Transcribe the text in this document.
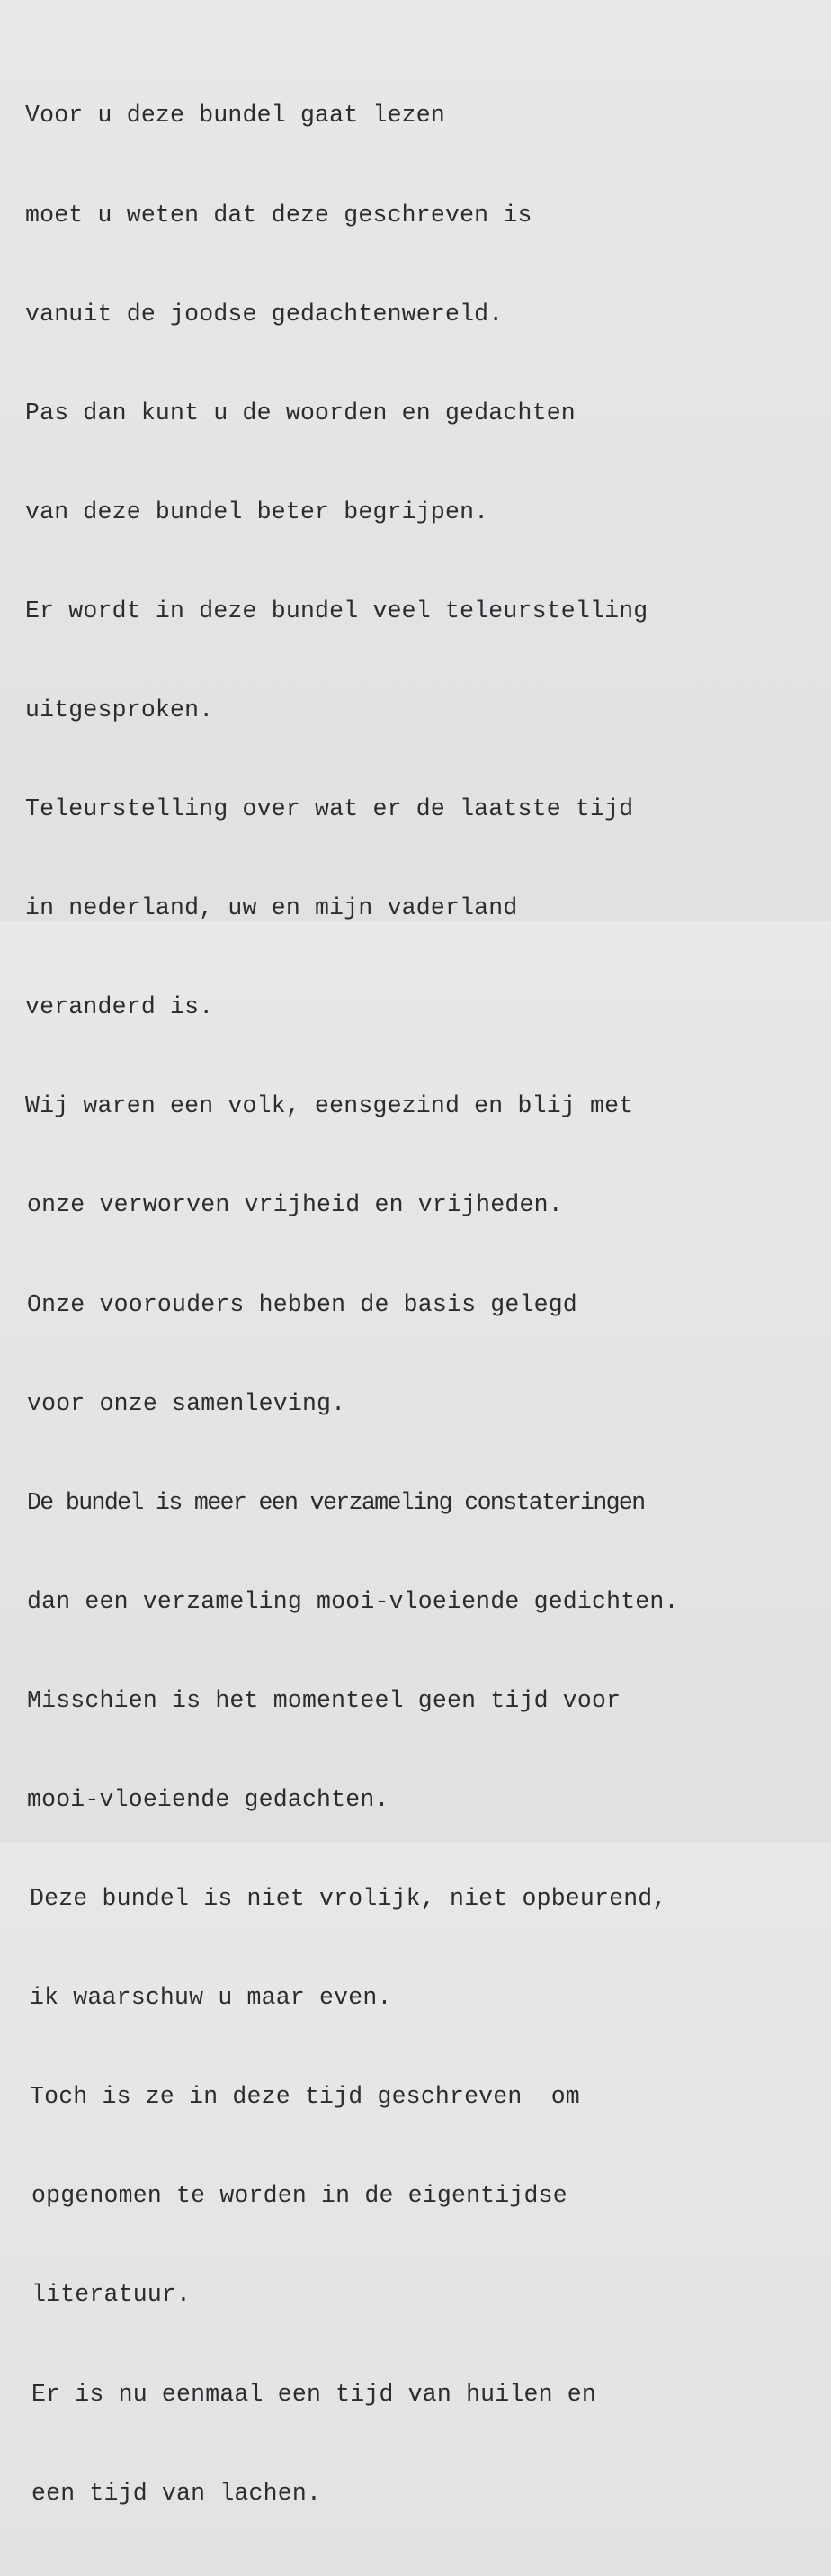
Voor u deze bundel gaat lezen

moet u weten dat deze geschreven is

vanuit de joodse gedachtenwereld.

Pas dan kunt u de woorden en gedachten

van deze bundel beter begrijpen.

Er wordt in deze bundel veel teleurstelling

uitgesproken.

Teleurstelling over wat er de laatste tijd

in nederland, uw en mijn vaderland

veranderd is.

Wij waren een volk, eensgezind en blij met

onze verworven vrijheid en vrijheden.

Onze voorouders hebben de basis gelegd

voor onze samenleving.

De bundel is meer een verzameling constateringen

dan een verzameling mooi-vloeiende gedichten.

Misschien is het momenteel geen tijd voor

mooi-vloeiende gedachten.

Deze bundel is niet vrolijk, niet opbeurend,

ik waarschuw u maar even.

Toch is ze in deze tijd geschreven  om

opgenomen te worden in de eigentijdse

literatuur.

Er is nu eenmaal een tijd van huilen en

een tijd van lachen.
